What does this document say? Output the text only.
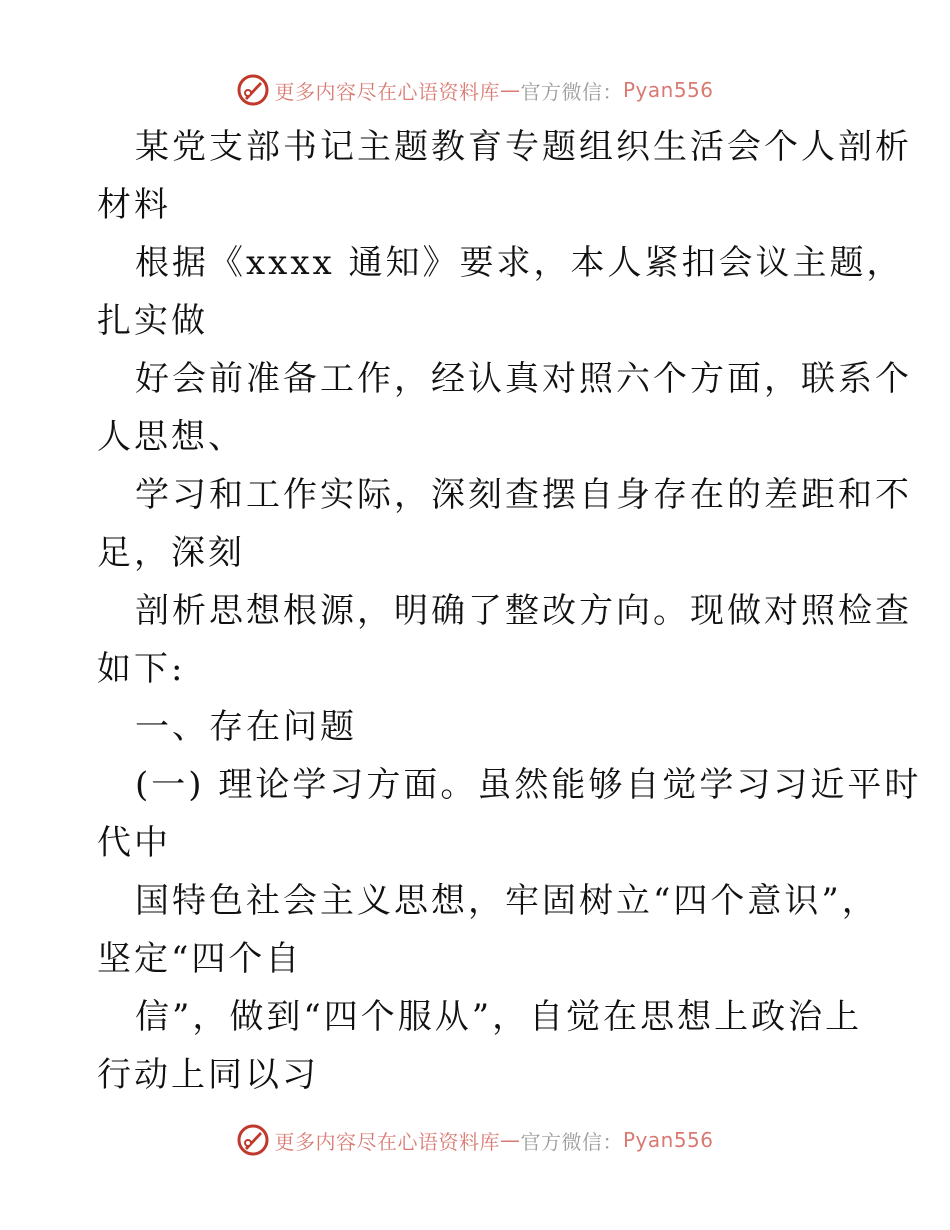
更多内容尽在心语资料库 — 官方微信： Pyan556
某党支部书记主题教育专题组织生活会个人剖析
材料
根据《xxxx 通知》要求，本人紧扣会议主题，
扎实做
好会前准备工作，经认真对照六个方面，联系个
人思想、
学习和工作实际，深刻查摆自身存在的差距和不
足，深刻
剖析思想根源，明确了整改方向。现做对照检查
如下:
一、存在问题
(一) 理论学习方面。虽然能够自觉学习习近平时
代中
国特色社会主义思想，牢固树立“四个意识”，
坚定“四个自
信”，做到“四个服从”，自觉在思想上政治上
行动上同以习
更多内容尽在心语资料库 — 官方微信： Pyan556
